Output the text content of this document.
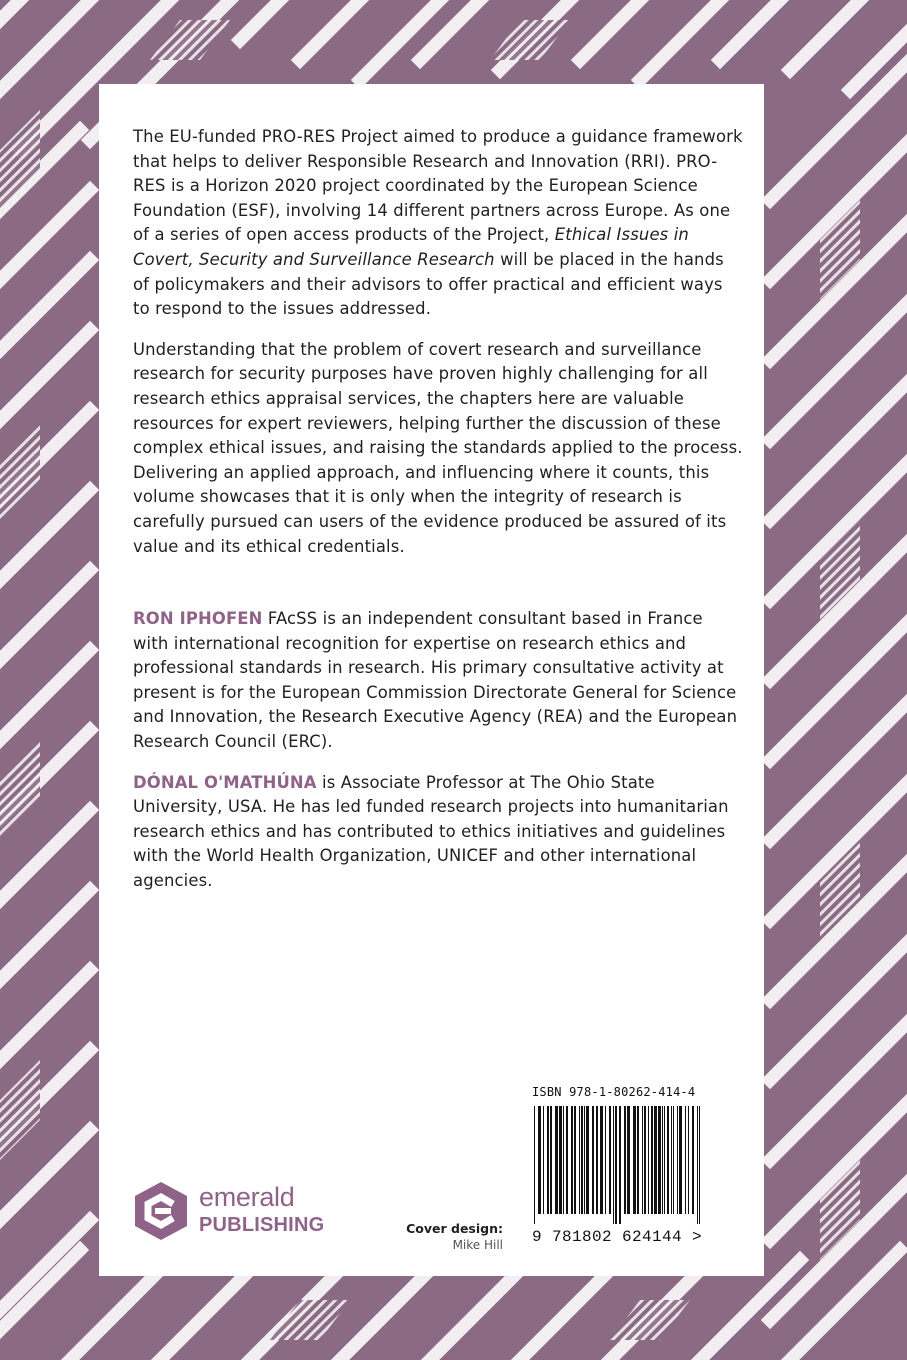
The EU-funded PRO-RES Project aimed to produce a guidance framework that helps to deliver Responsible Research and Innovation (RRI). PRO-RES is a Horizon 2020 project coordinated by the European Science Foundation (ESF), involving 14 different partners across Europe. As one of a series of open access products of the Project, Ethical Issues in Covert, Security and Surveillance Research will be placed in the hands of policymakers and their advisors to offer practical and efficient ways to respond to the issues addressed.

Understanding that the problem of covert research and surveillance research for security purposes have proven highly challenging for all research ethics appraisal services, the chapters here are valuable resources for expert reviewers, helping further the discussion of these complex ethical issues, and raising the standards applied to the process. Delivering an applied approach, and influencing where it counts, this volume showcases that it is only when the integrity of research is carefully pursued can users of the evidence produced be assured of its value and its ethical credentials.

RON IPHOFEN FAcSS is an independent consultant based in France with international recognition for expertise on research ethics and professional standards in research. His primary consultative activity at present is for the European Commission Directorate General for Science and Innovation, the Research Executive Agency (REA) and the European Research Council (ERC).

DÓNAL O'MATHÚNA is Associate Professor at The Ohio State University, USA. He has led funded research projects into humanitarian research ethics and has contributed to ethics initiatives and guidelines with the World Health Organization, UNICEF and other international agencies.

ISBN 978-1-80262-414-4

9 781802 624144 >
emerald
PUBLISHING	Cover design:
Mike Hill
